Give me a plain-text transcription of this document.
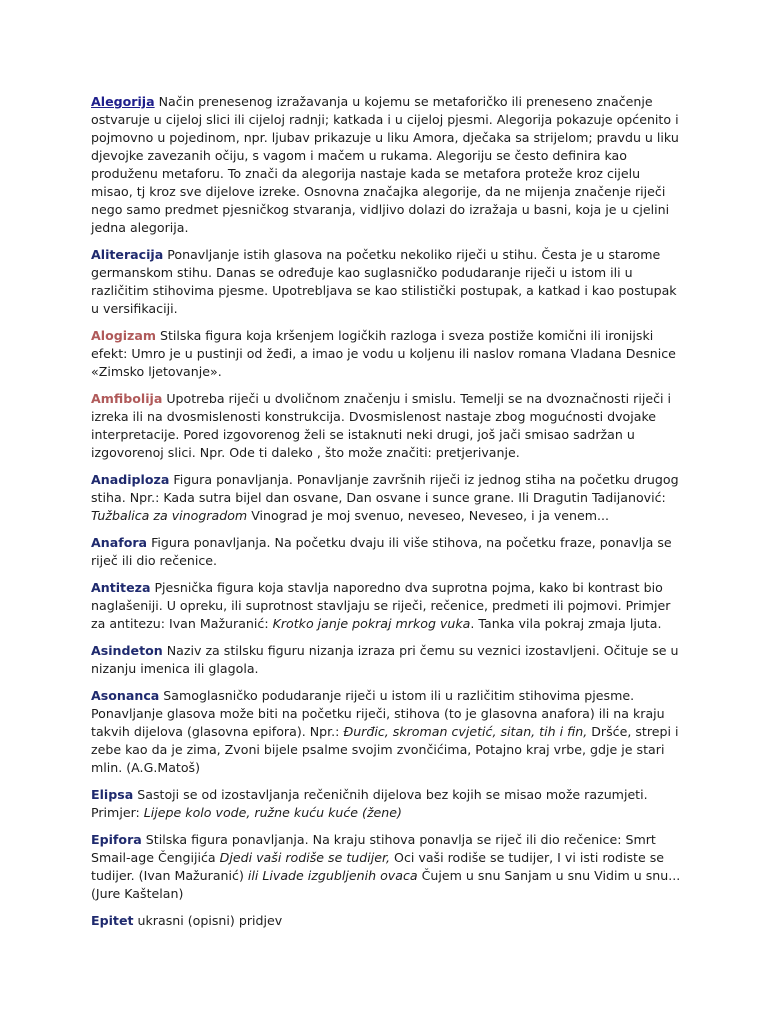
Alegorija Način prenesenog izražavanja u kojemu se metaforičko ili preneseno značenje ostvaruje u cijeloj slici ili cijeloj radnji; katkada i u cijeloj pjesmi. Alegorija pokazuje općenito i pojmovno u pojedinom, npr. ljubav prikazuje u liku Amora, dječaka sa strijelom; pravdu u liku djevojke zavezanih očiju, s vagom i mačem u rukama. Alegoriju se često definira kao produženu metaforu. To znači da alegorija nastaje kada se metafora proteže kroz cijelu misao, tj kroz sve dijelove izreke. Osnovna značajka alegorije, da ne mijenja značenje riječi nego samo predmet pjesničkog stvaranja, vidljivo dolazi do izražaja u basni, koja je u cjelini jedna alegorija.

Aliteracija Ponavljanje istih glasova na početku nekoliko riječi u stihu. Česta je u starome germanskom stihu. Danas se određuje kao suglasničko podudaranje riječi u istom ili u različitim stihovima pjesme. Upotrebljava se kao stilistički postupak, a katkad i kao postupak u versifikaciji.

Alogizam Stilska figura koja kršenjem logičkih razloga i sveza postiže komični ili ironijski efekt: Umro je u pustinji od žeđi, a imao je vodu u koljenu ili naslov romana Vladana Desnice «Zimsko ljetovanje».

Amfibolija Upotreba riječi u dvoličnom značenju i smislu. Temelji se na dvoznačnosti riječi i izreka ili na dvosmislenosti konstrukcija. Dvosmislenost nastaje zbog mogućnosti dvojake interpretacije. Pored izgovorenog želi se istaknuti neki drugi, još jači smisao sadržan u izgovorenoj slici. Npr. Ode ti daleko , što može značiti: pretjerivanje.

Anadiploza Figura ponavljanja. Ponavljanje završnih riječi iz jednog stiha na početku drugog stiha. Npr.: Kada sutra bijel dan osvane, Dan osvane i sunce grane. Ili Dragutin Tadijanović: Tužbalica za vinogradom Vinograd je moj svenuo, neveseo, Neveseo, i ja venem...

Anafora Figura ponavljanja. Na početku dvaju ili više stihova, na početku fraze, ponavlja se riječ ili dio rečenice.

Antiteza Pjesnička figura koja stavlja naporedno dva suprotna pojma, kako bi kontrast bio naglašeniji. U opreku, ili suprotnost stavljaju se riječi, rečenice, predmeti ili pojmovi. Primjer za antitezu: Ivan Mažuranić: Krotko janje pokraj mrkog vuka. Tanka vila pokraj zmaja ljuta.

Asindeton Naziv za stilsku figuru nizanja izraza pri čemu su veznici izostavljeni. Očituje se u nizanju imenica ili glagola.

Asonanca Samoglasničko podudaranje riječi u istom ili u različitim stihovima pjesme. Ponavljanje glasova može biti na početku riječi, stihova (to je glasovna anafora) ili na kraju takvih dijelova (glasovna epifora). Npr.: Đurđic, skroman cvjetić, sitan, tih i fin, Dršće, strepi i zebe kao da je zima, Zvoni bijele psalme svojim zvončićima, Potajno kraj vrbe, gdje je stari mlin. (A.G.Matoš)

Elipsa Sastoji se od izostavljanja rečeničnih dijelova bez kojih se misao može razumjeti. Primjer: Lijepe kolo vode, ružne kuću kuće (žene)

Epifora Stilska figura ponavljanja. Na kraju stihova ponavlja se riječ ili dio rečenice: Smrt Smail-age Čengijića Djedi vaši rodiše se tudijer, Oci vaši rodiše se tudijer, I vi isti rodiste se tudijer. (Ivan Mažuranić) ili Livade izgubljenih ovaca Čujem u snu Sanjam u snu Vidim u snu... (Jure Kaštelan)

Epitet ukrasni (opisni) pridjev
